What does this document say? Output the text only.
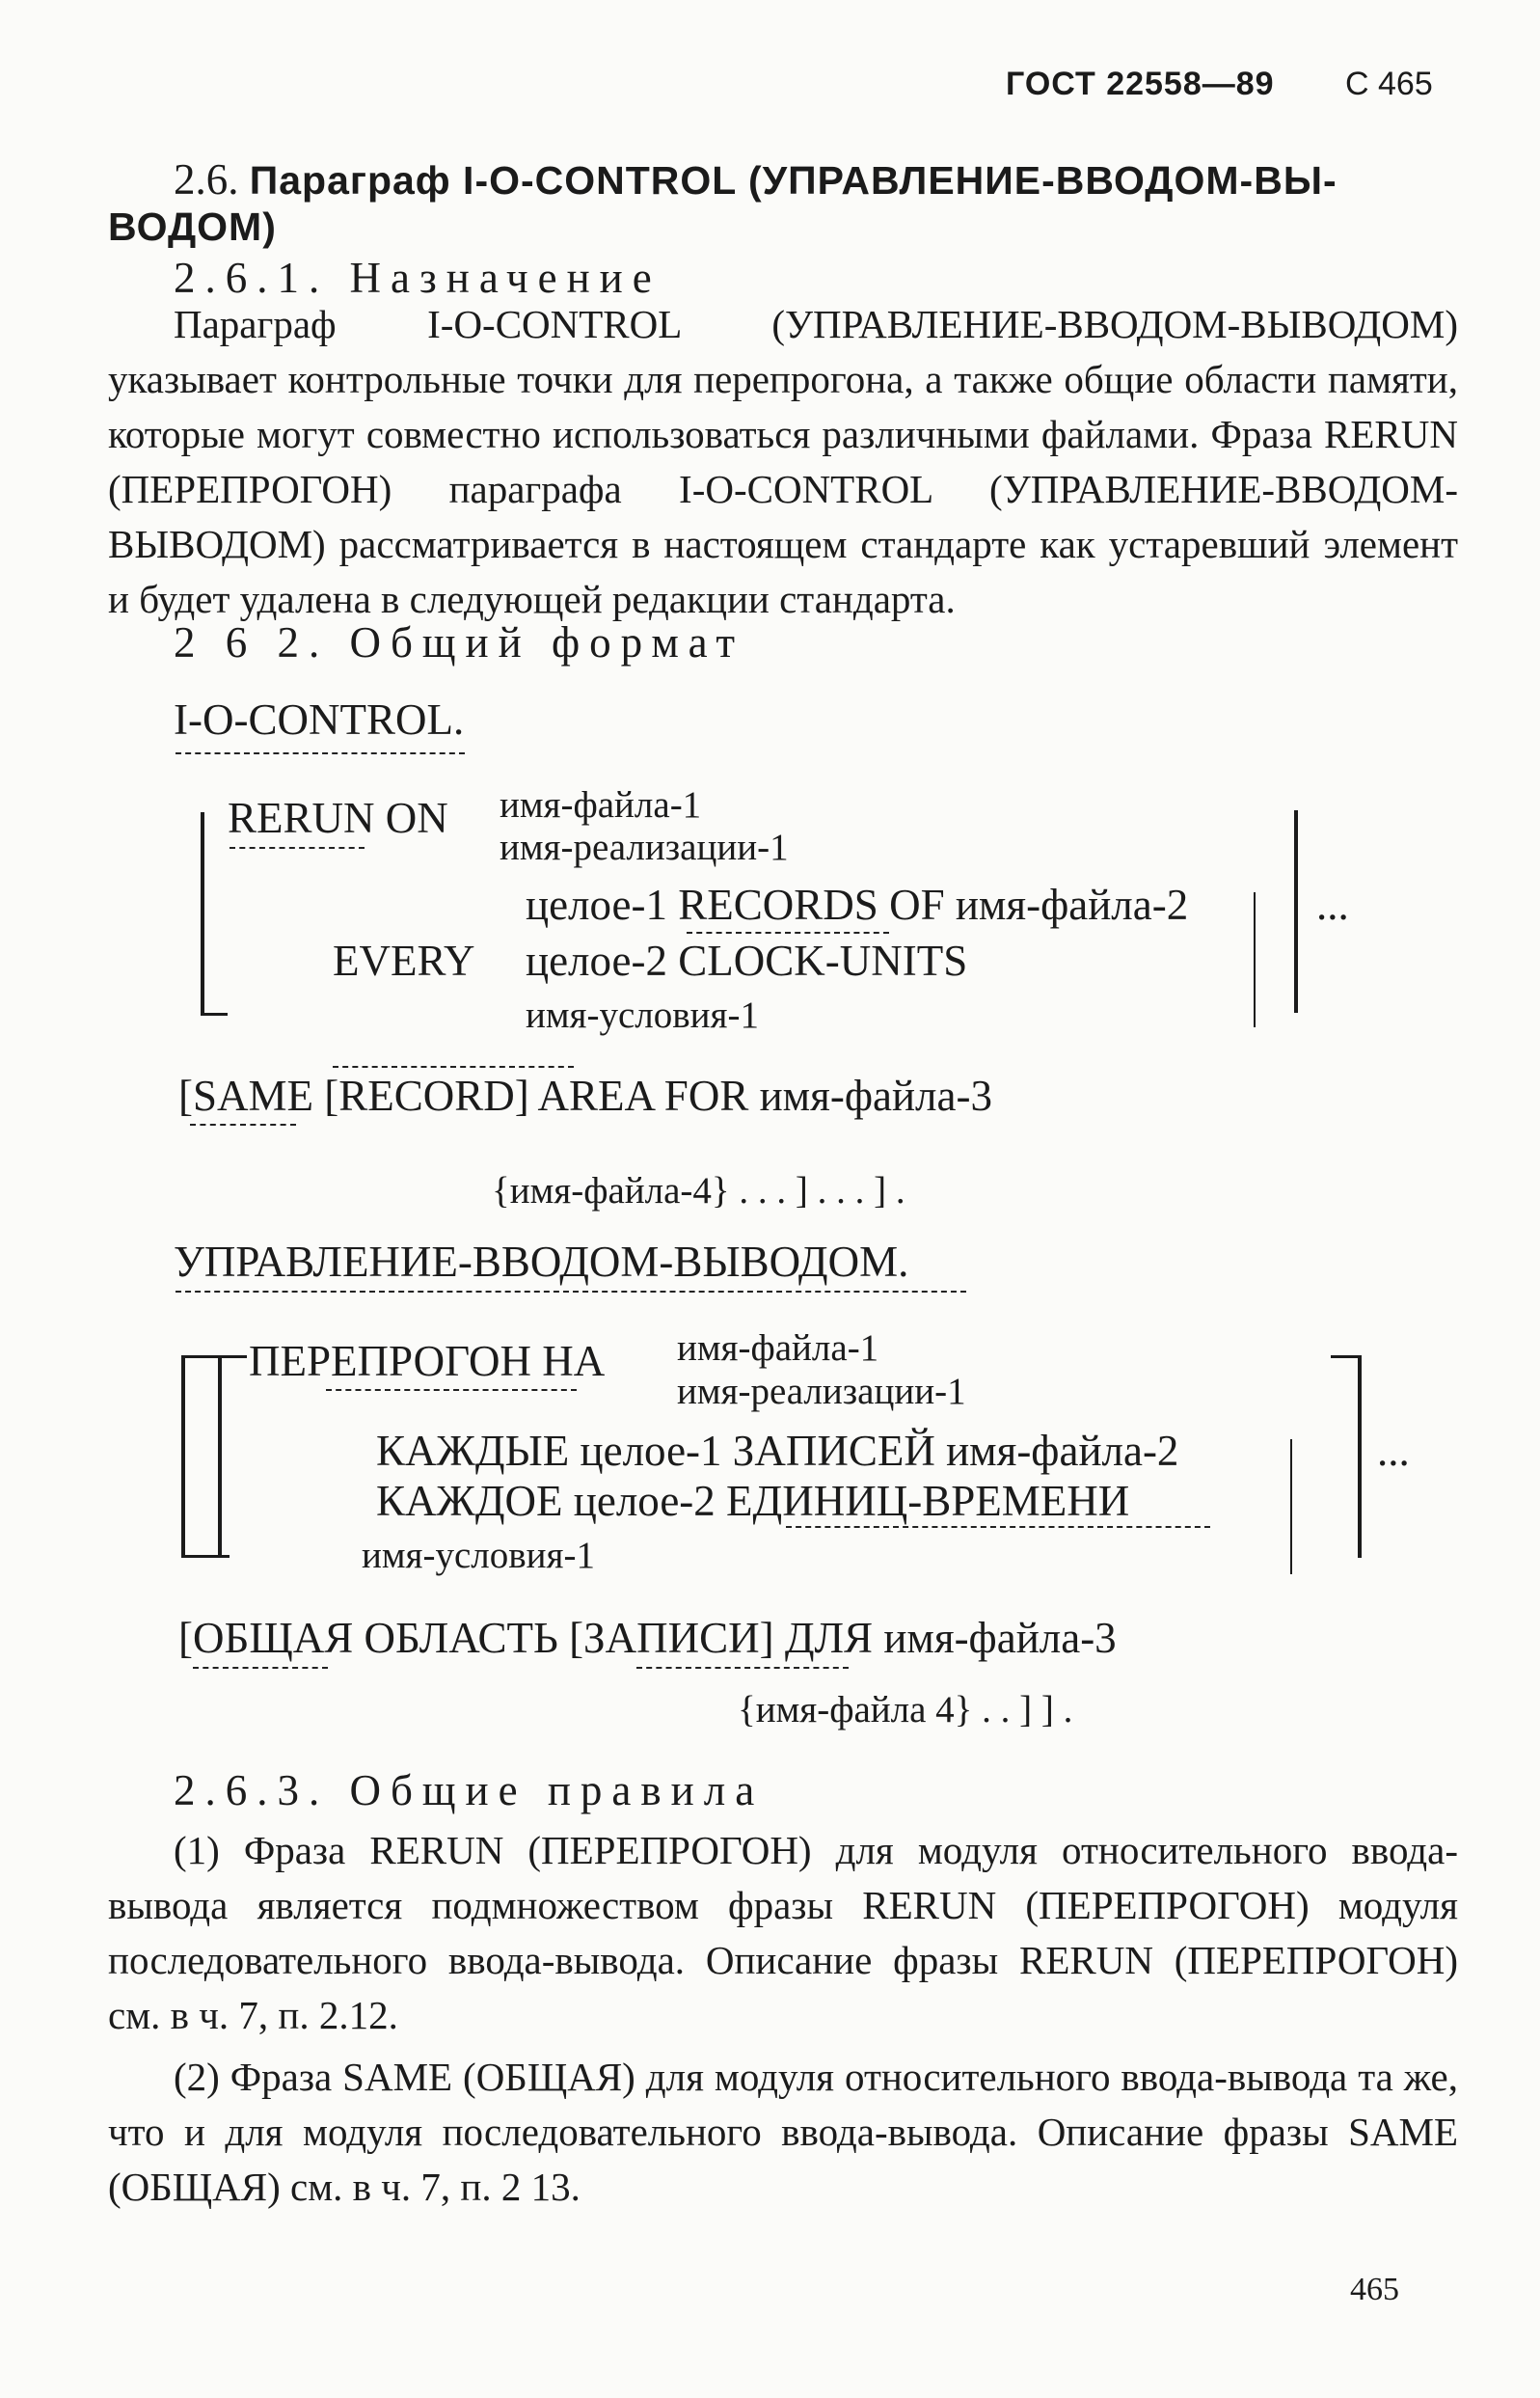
ГОСТ 22558—89 С 465
2.6. Параграф I-O-CONTROL (УПРАВЛЕНИЕ-ВВОДОМ-ВЫ-
ВОДОМ)
2.6.1. Назначение
Параграф I-O-CONTROL (УПРАВЛЕНИЕ-ВВОДОМ-ВЫВОДОМ) указывает контрольные точки для перепрогона, а также общие области памяти, которые могут совместно использоваться различными файлами. Фраза RERUN (ПЕРЕПРОГОН) параграфа I-O-CONTROL (УПРАВЛЕНИЕ-ВВОДОМ-ВЫВОДОМ) рассматривается в настоящем стандарте как устаревший элемент и будет удалена в следующей редакции стандарта.
2 6 2. Общий формат
I-O-CONTROL.
RERUN ON имя-файла-1
имя-реализации-1
EVERY
целое-1 RECORDS OF имя-файла-2
целое-2 CLOCK-UNITS
имя-условия-1
...
[SAME [RECORD] AREA FOR имя-файла-3
{имя-файла-4} . . . ] . . . ] .
УПРАВЛЕНИЕ-ВВОДОМ-ВЫВОДОМ.
ПЕРЕПРОГОН НА имя-файла-1
имя-реализации-1
КАЖДЫЕ целое-1 ЗАПИСЕЙ имя-файла-2
КАЖДОЕ целое-2 ЕДИНИЦ-ВРЕМЕНИ
имя-условия-1
...
[ОБЩАЯ ОБЛАСТЬ [ЗАПИСИ] ДЛЯ имя-файла-3
{имя-файла 4} . . ] ] .
2.6.3. Общие правила
(1) Фраза RERUN (ПЕРЕПРОГОН) для модуля относительного ввода-вывода является подмножеством фразы RERUN (ПЕРЕПРОГОН) модуля последовательного ввода-вывода. Описание фразы RERUN (ПЕРЕПРОГОН) см. в ч. 7, п. 2.12.
(2) Фраза SAME (ОБЩАЯ) для модуля относительного ввода-вывода та же, что и для модуля последовательного ввода-вывода. Описание фразы SAME (ОБЩАЯ) см. в ч. 7, п. 2 13.
465
